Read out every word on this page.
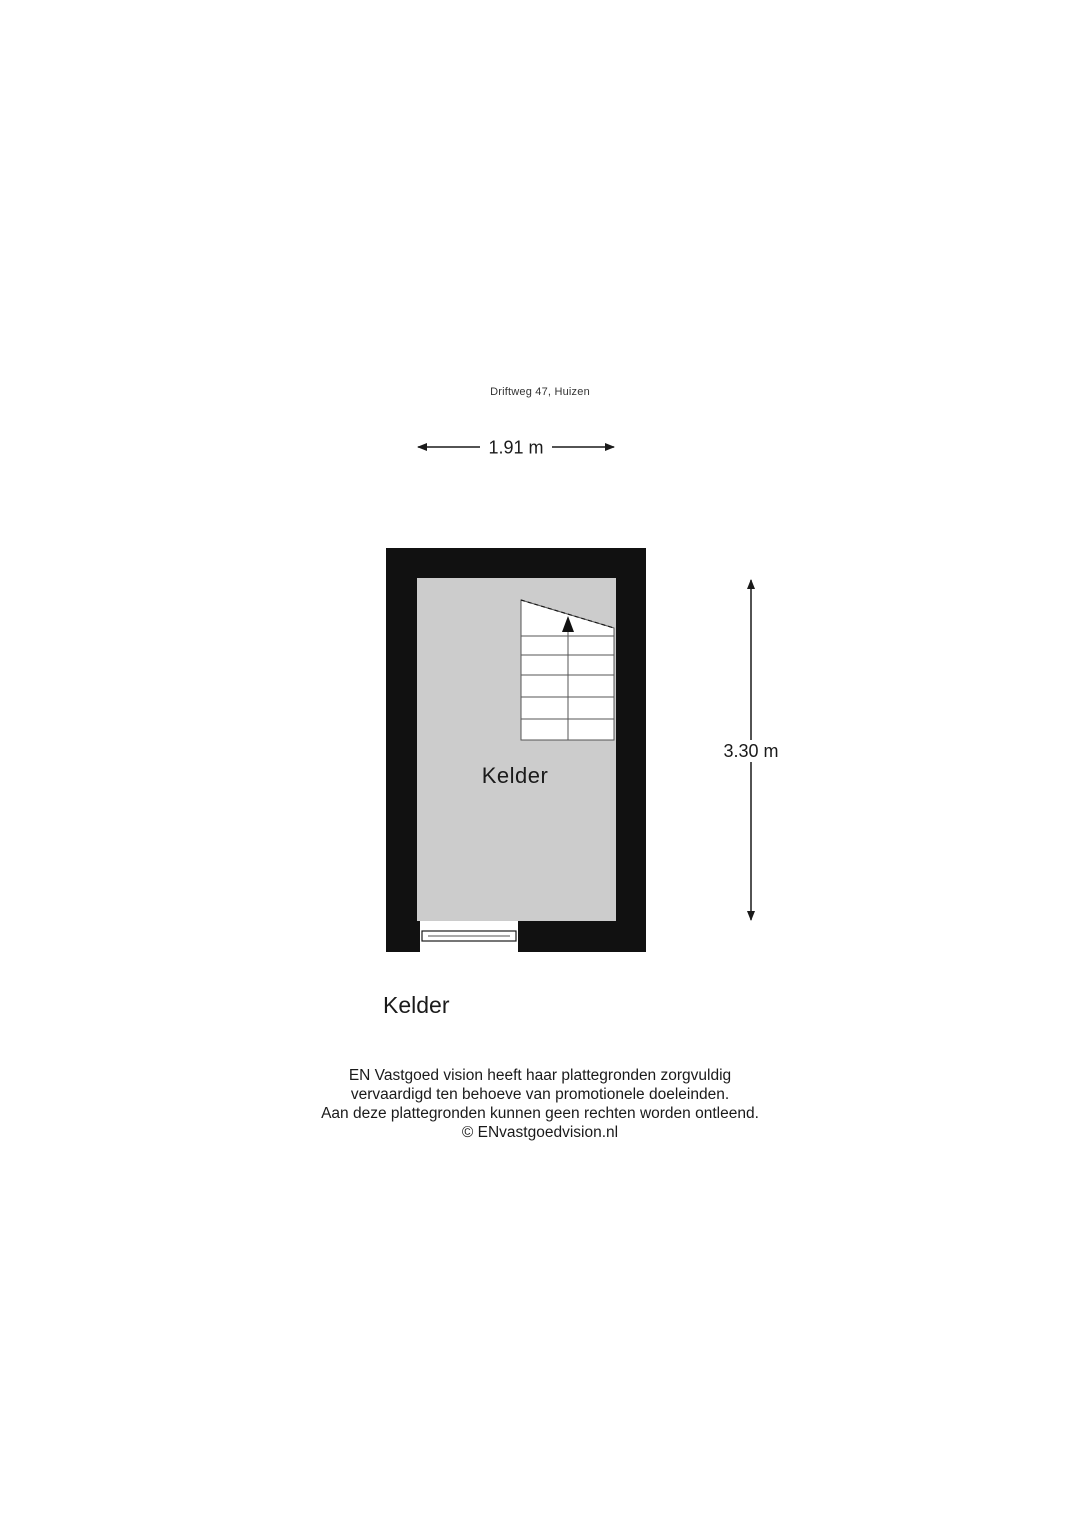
Driftweg 47, Huizen
1.91 m
3.30 m
Kelder
Kelder
EN Vastgoed vision heeft haar plattegronden zorgvuldig
vervaardigd ten behoeve van promotionele doeleinden.
Aan deze plattegronden kunnen geen rechten worden ontleend.
© ENvastgoedvision.nl
